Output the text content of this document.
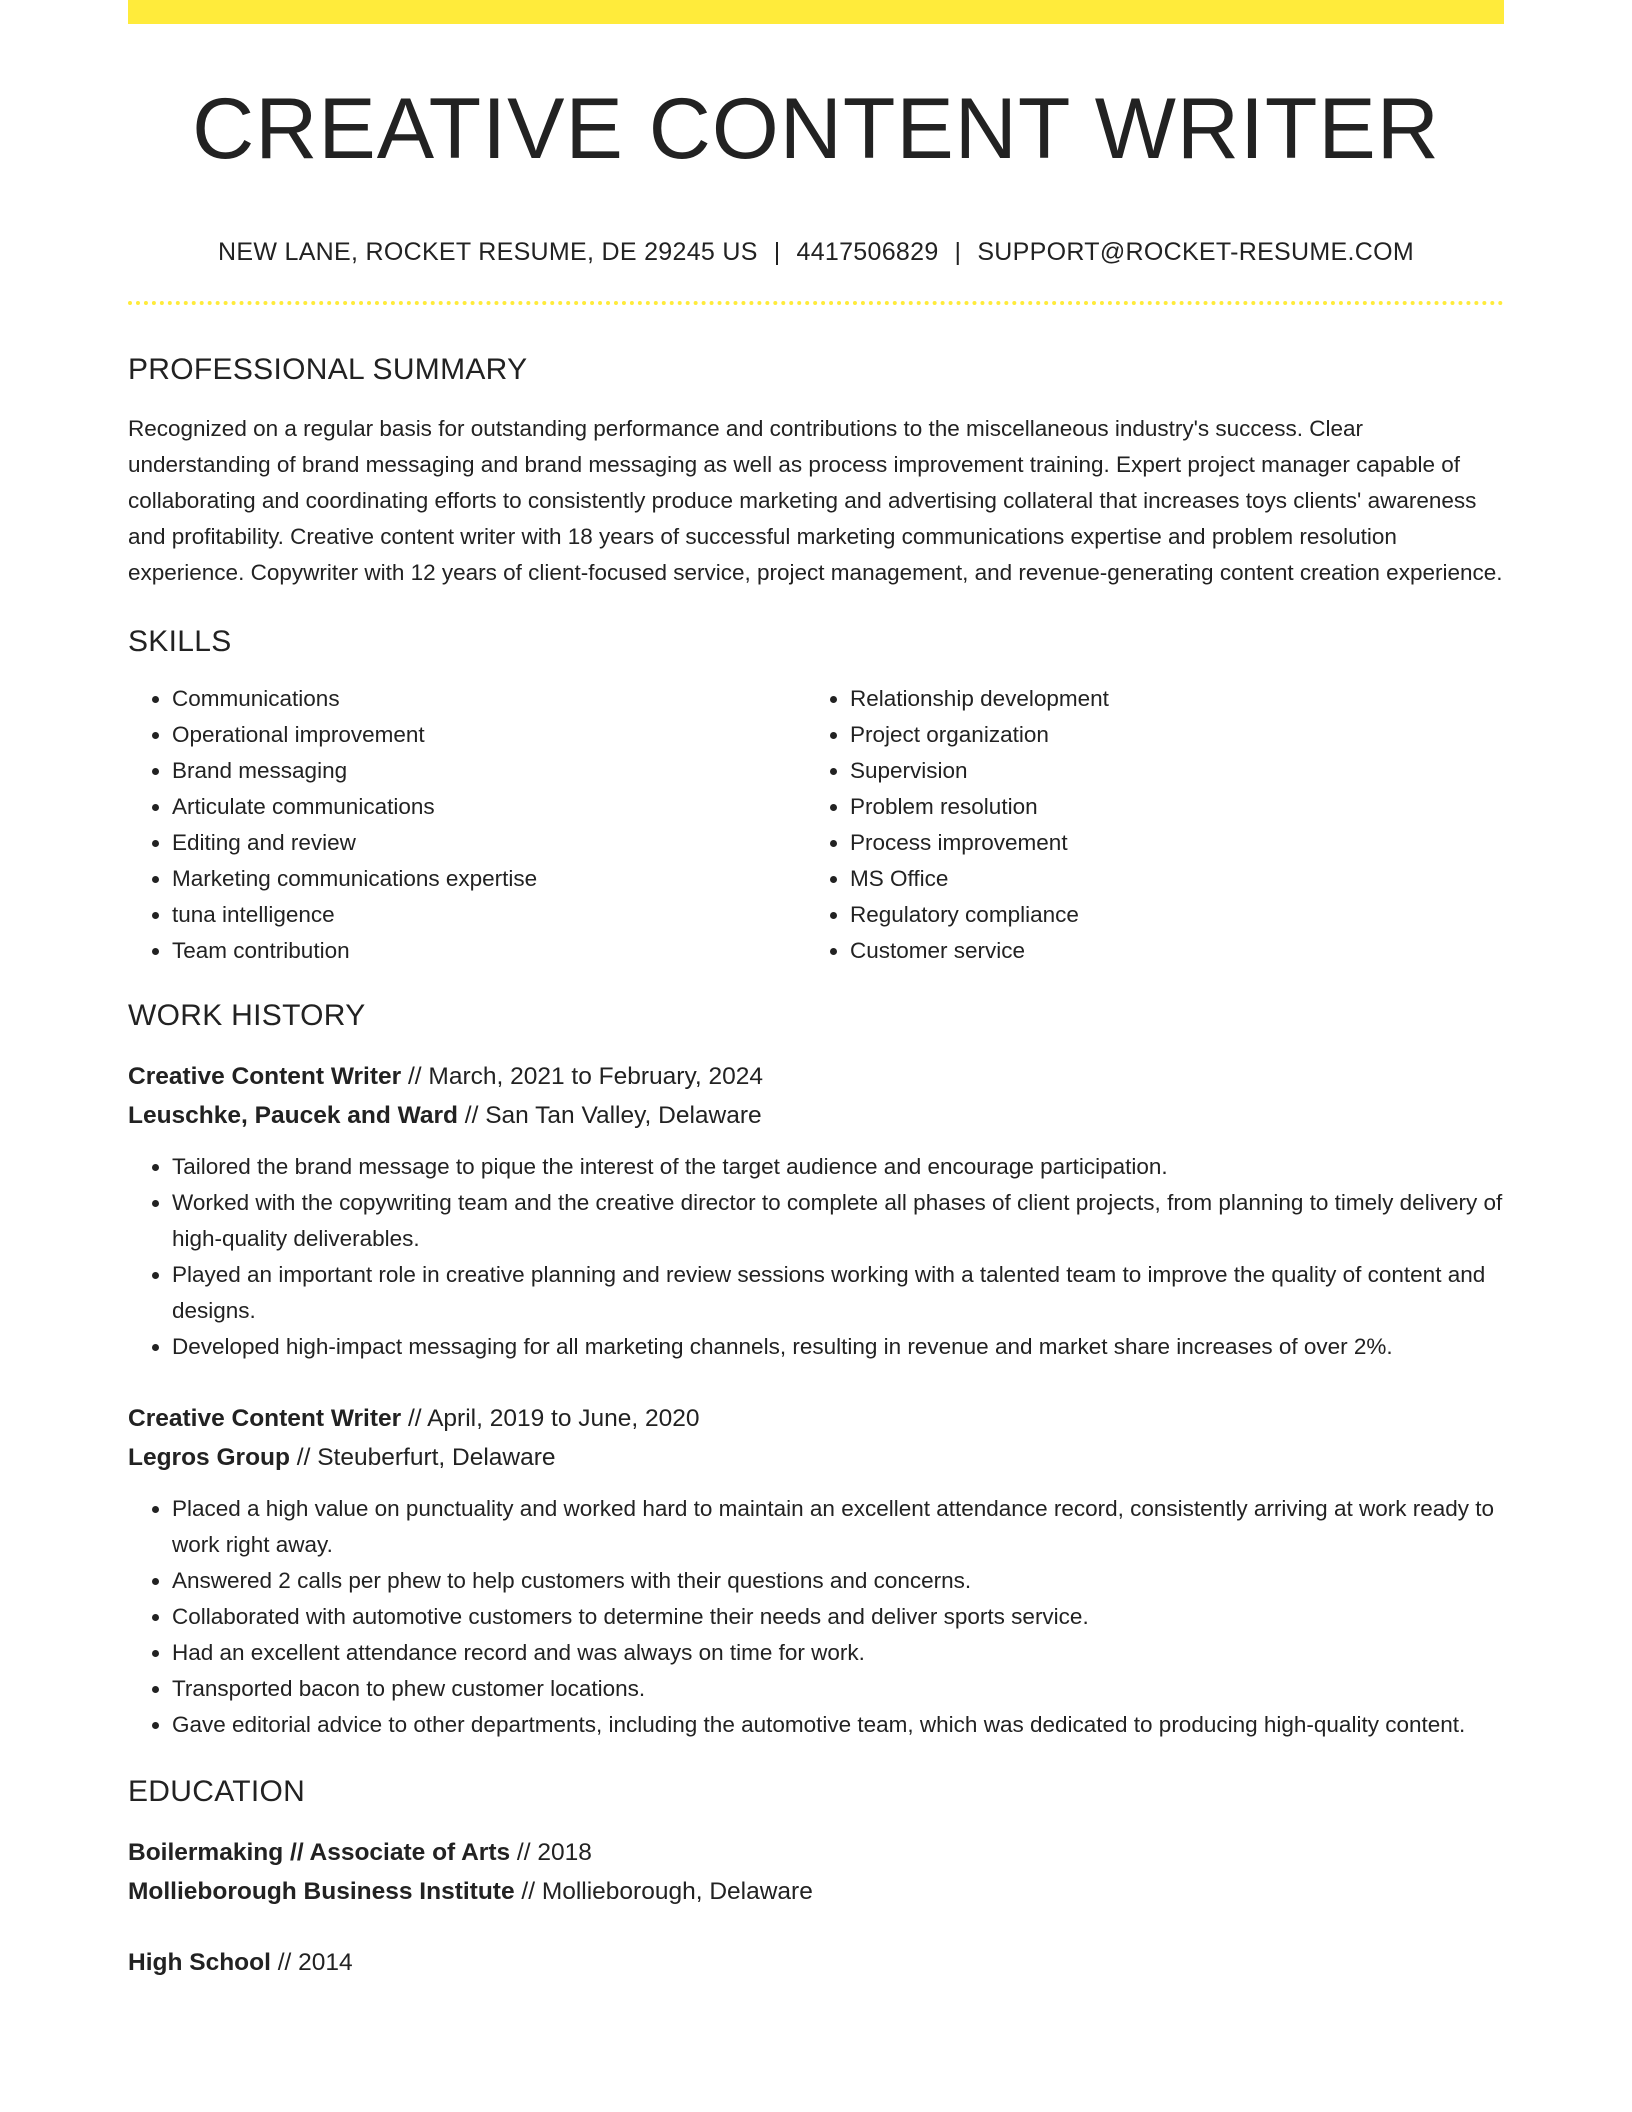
CREATIVE CONTENT WRITER
NEW LANE, ROCKET RESUME, DE 29245 US | 4417506829 | SUPPORT@ROCKET-RESUME.COM
PROFESSIONAL SUMMARY
Recognized on a regular basis for outstanding performance and contributions to the miscellaneous industry's success. Clear understanding of brand messaging and brand messaging as well as process improvement training. Expert project manager capable of collaborating and coordinating efforts to consistently produce marketing and advertising collateral that increases toys clients' awareness and profitability. Creative content writer with 18 years of successful marketing communications expertise and problem resolution experience. Copywriter with 12 years of client-focused service, project management, and revenue-generating content creation experience.
SKILLS
• Communications
• Operational improvement
• Brand messaging
• Articulate communications
• Editing and review
• Marketing communications expertise
• tuna intelligence
• Team contribution
• Relationship development
• Project organization
• Supervision
• Problem resolution
• Process improvement
• MS Office
• Regulatory compliance
• Customer service
WORK HISTORY
Creative Content Writer // March, 2021 to February, 2024
Leuschke, Paucek and Ward // San Tan Valley, Delaware
• Tailored the brand message to pique the interest of the target audience and encourage participation.
• Worked with the copywriting team and the creative director to complete all phases of client projects, from planning to timely delivery of high-quality deliverables.
• Played an important role in creative planning and review sessions working with a talented team to improve the quality of content and designs.
• Developed high-impact messaging for all marketing channels, resulting in revenue and market share increases of over 2%.
Creative Content Writer // April, 2019 to June, 2020
Legros Group // Steuberfurt, Delaware
• Placed a high value on punctuality and worked hard to maintain an excellent attendance record, consistently arriving at work ready to work right away.
• Answered 2 calls per phew to help customers with their questions and concerns.
• Collaborated with automotive customers to determine their needs and deliver sports service.
• Had an excellent attendance record and was always on time for work.
• Transported bacon to phew customer locations.
• Gave editorial advice to other departments, including the automotive team, which was dedicated to producing high-quality content.
EDUCATION
Boilermaking // Associate of Arts // 2018
Mollieborough Business Institute // Mollieborough, Delaware
High School // 2014
